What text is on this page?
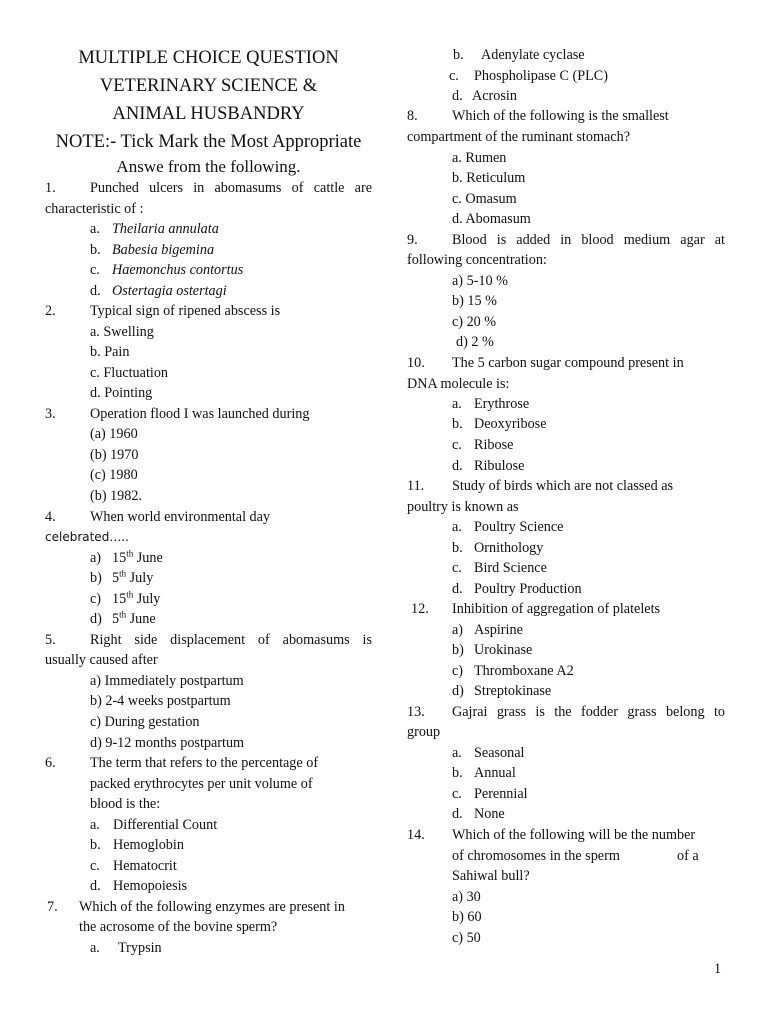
MULTIPLE CHOICE QUESTION
VETERINARY SCIENCE &
ANIMAL HUSBANDRY
NOTE:- Tick Mark the Most Appropriate
Answe from the following.
1. Punched ulcers in abomasums of cattle are
characteristic of :
a. Theilaria annulata
b. Babesia bigemina
c. Haemonchus contortus
d. Ostertagia ostertagi
2. Typical sign of ripened abscess is
a. Swelling
b. Pain
c. Fluctuation
d. Pointing
3. Operation flood I was launched during
(a) 1960
(b) 1970
(c) 1980
(b) 1982.
4. When world environmental day
celebrated…..
a) 15th June
b) 5th July
c) 15th July
d) 5th June
5. Right side displacement of abomasums is
usually caused after
a) Immediately postpartum
b) 2-4 weeks postpartum
c) During gestation
d) 9-12 months postpartum
6. The term that refers to the percentage of
packed erythrocytes per unit volume of
blood is the:
a. Differential Count
b. Hemoglobin
c. Hematocrit
d. Hemopoiesis
7. Which of the following enzymes are present in
the acrosome of the bovine sperm?
a. Trypsin
b. Adenylate cyclase
c. Phospholipase C (PLC)
d. Acrosin
8. Which of the following is the smallest
compartment of the ruminant stomach?
a. Rumen
b. Reticulum
c. Omasum
d. Abomasum
9. Blood is added in blood medium agar at
following concentration:
a) 5-10 %
b) 15 %
c) 20 %
d) 2 %
10. The 5 carbon sugar compound present in
DNA molecule is:
a. Erythrose
b. Deoxyribose
c. Ribose
d. Ribulose
11. Study of birds which are not classed as
poultry is known as
a. Poultry Science
b. Ornithology
c. Bird Science
d. Poultry Production
12. Inhibition of aggregation of platelets
a) Aspirine
b) Urokinase
c) Thromboxane A2
d) Streptokinase
13. Gajrai grass is the fodder grass belong to
group
a. Seasonal
b. Annual
c. Perennial
d. None
14. Which of the following will be the number
of chromosomes in the sperm	of a
Sahiwal bull?
a) 30
b) 60
c) 50
1
